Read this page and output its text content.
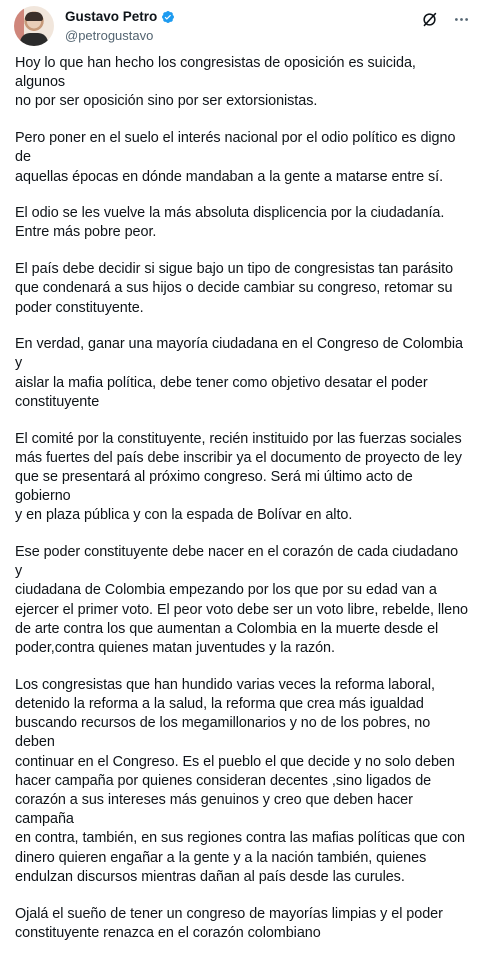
Gustavo Petro
@petrogustavo

Hoy lo que han hecho los congresistas de oposición es suicida, algunos
no por ser oposición sino por ser extorsionistas.

Pero poner en el suelo el interés nacional por el odio político es digno de
aquellas épocas en dónde mandaban a la gente a matarse entre sí.

El odio se les vuelve la más absoluta displicencia por la ciudadanía.
Entre más pobre peor.

El país debe decidir si sigue bajo un tipo de congresistas tan parásito
que condenará a sus hijos o decide cambiar su congreso, retomar su
poder constituyente.

En verdad, ganar una mayoría ciudadana en el Congreso de Colombia y
aislar la mafia política, debe tener como objetivo desatar el poder
constituyente

El comité por la constituyente, recién instituido por las fuerzas sociales
más fuertes del país debe inscribir ya el documento de proyecto de ley
que se presentará al próximo congreso. Será mi último acto de gobierno
y en plaza pública y con la espada de Bolívar en alto.

Ese poder constituyente debe nacer en el corazón de cada ciudadano y
ciudadana de Colombia empezando por los que por su edad van a
ejercer el primer voto. El peor voto debe ser un voto libre, rebelde, lleno
de arte contra los que aumentan a Colombia en la muerte desde el
poder,contra quienes matan juventudes y la razón.

Los congresistas que han hundido varias veces la reforma laboral,
detenido la reforma a la salud, la reforma que crea más igualdad
buscando recursos de los megamillonarios y no de los pobres, no deben
continuar en el Congreso. Es el pueblo el que decide y no solo deben
hacer campaña por quienes consideran decentes ,sino ligados de
corazón a sus intereses más genuinos y creo que deben hacer campaña
en contra, también, en sus regiones contra las mafias políticas que con
dinero quieren engañar a la gente y a la nación también, quienes
endulzan discursos mientras dañan al país desde las curules.

Ojalá el sueño de tener un congreso de mayorías limpias y el poder
constituyente renazca en el corazón colombiano
